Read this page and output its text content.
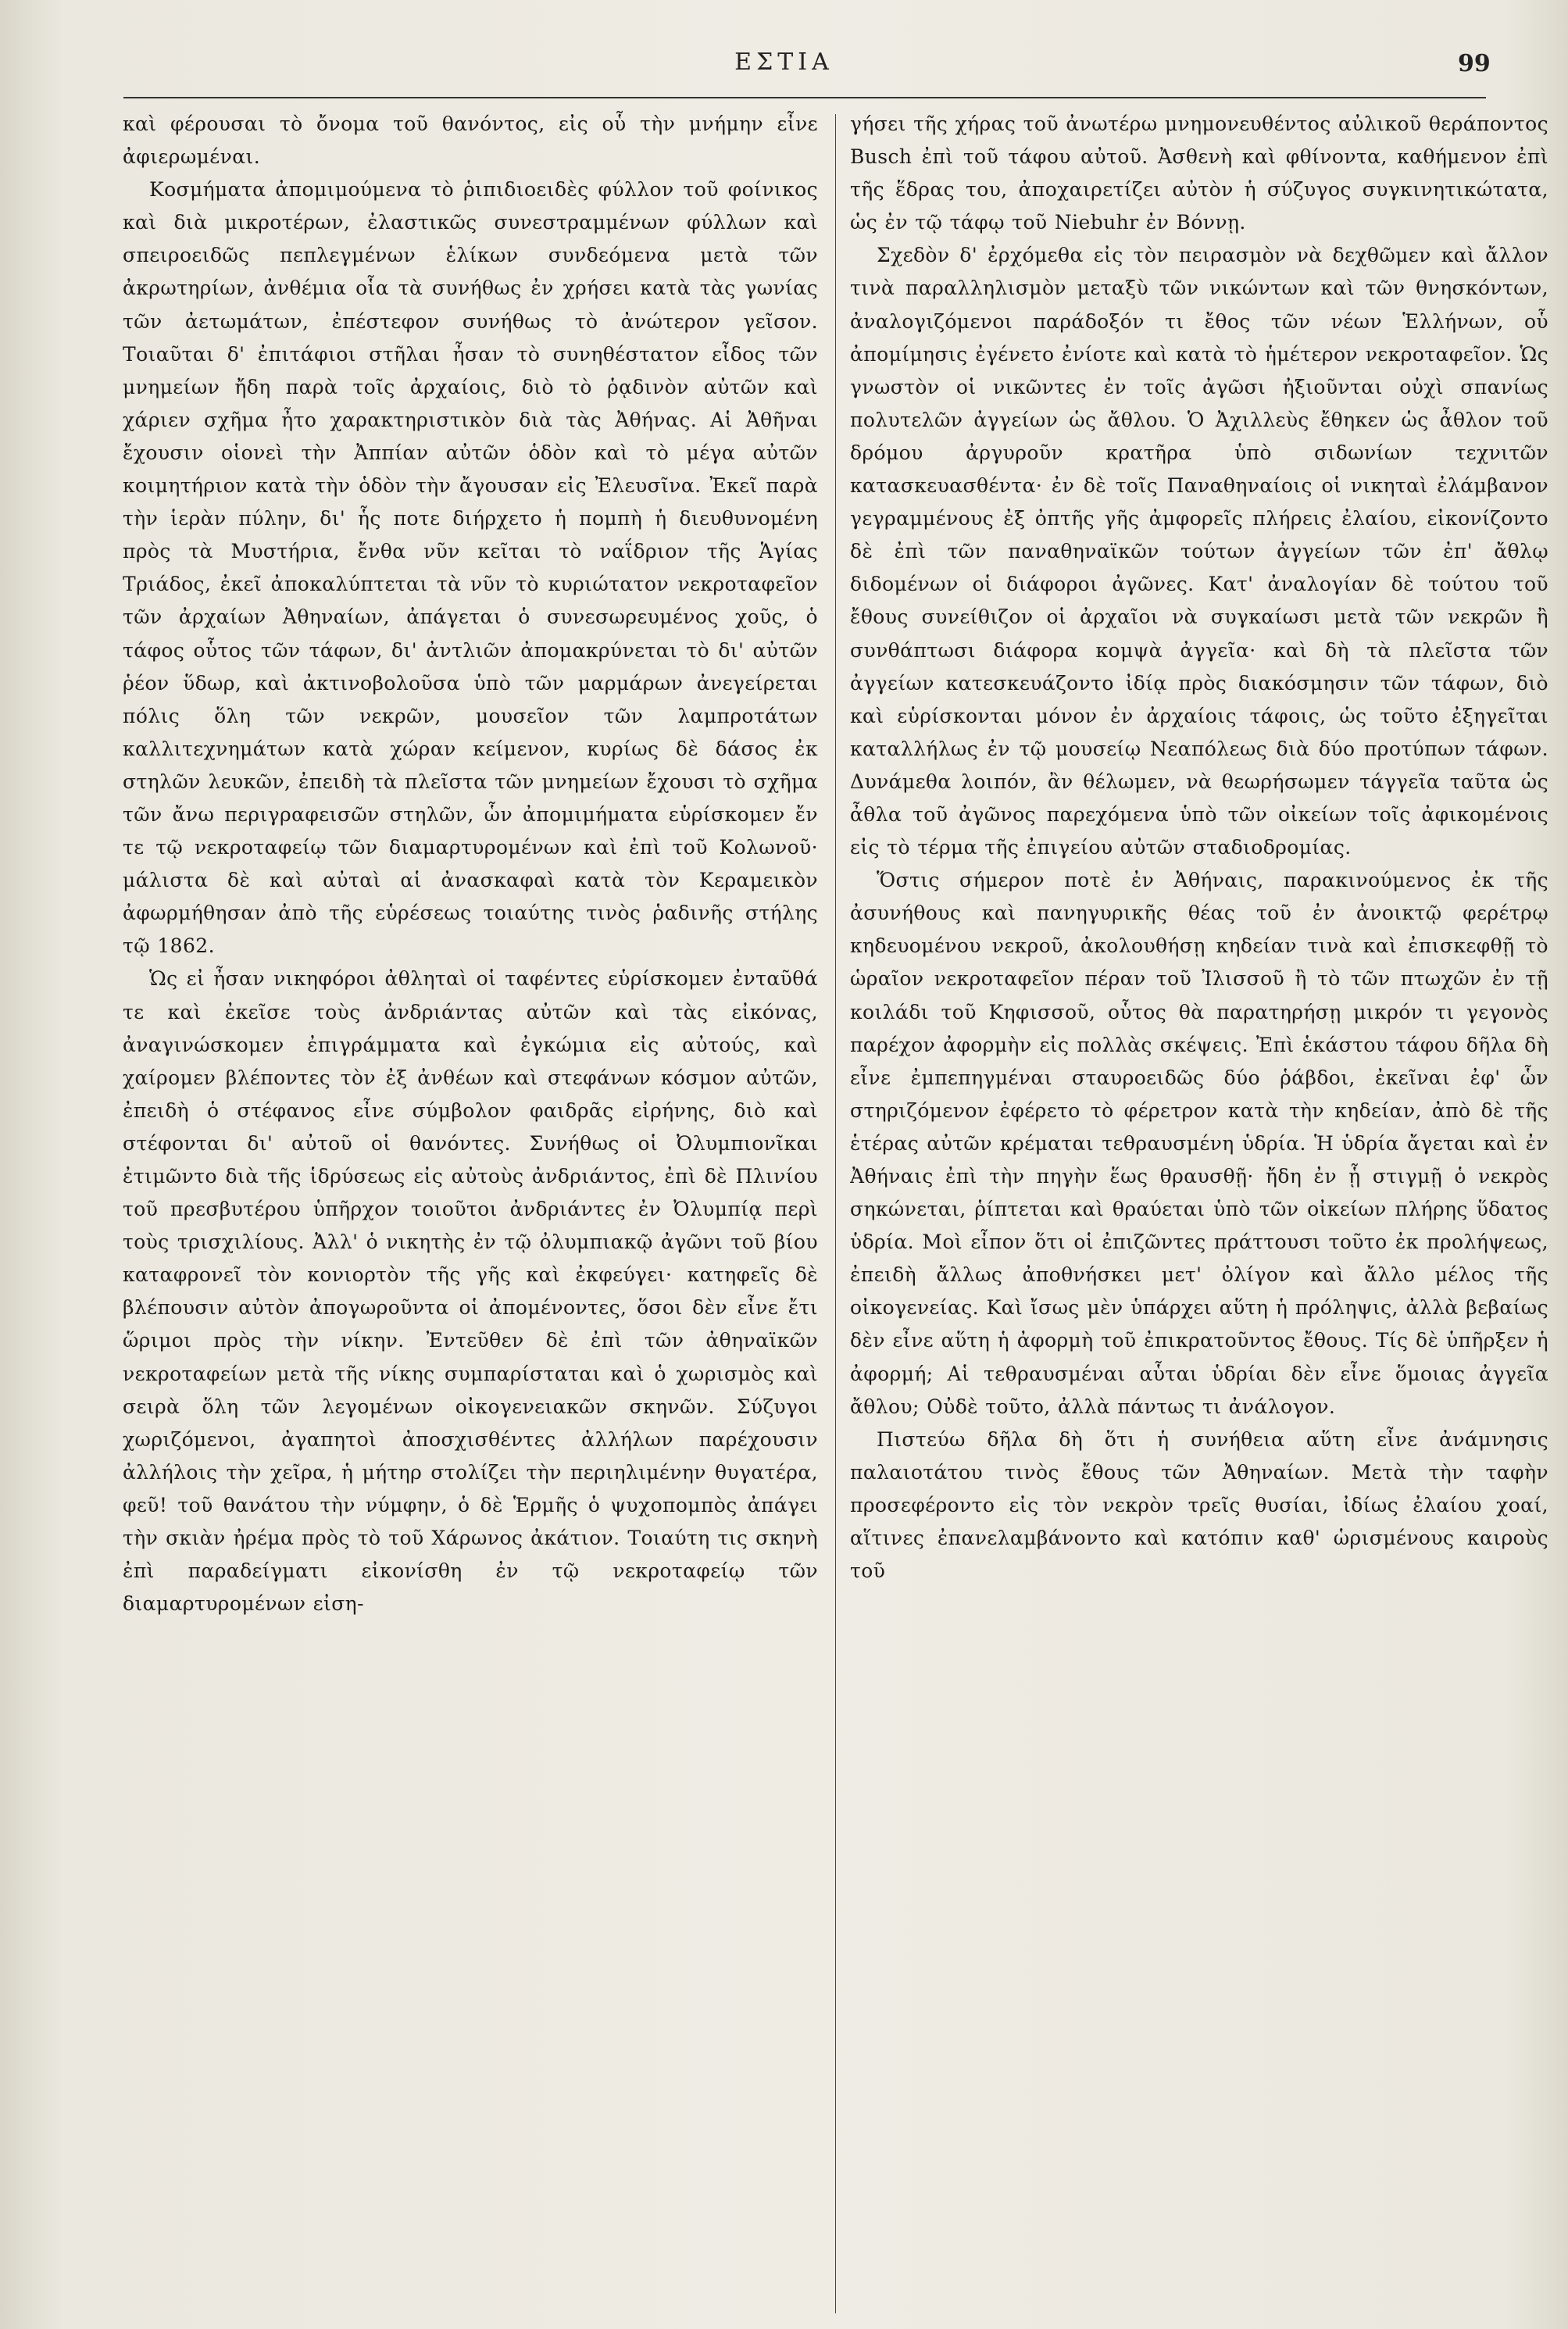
ΕΣΤΙΑ	99

καὶ φέρουσαι τὸ ὄνομα τοῦ θανόντος, εἰς οὗ τὴν μνήμην εἶνε ἀφιερωμέναι.

Κοσμήματα ἀπομιμούμενα τὸ ῥιπιδιοειδὲς φύλλον τοῦ φοίνικος καὶ διὰ μικροτέρων, ἐλαστικῶς συνεστραμμένων φύλλων καὶ σπειροειδῶς πεπλεγμένων ἑλίκων συνδεόμενα μετὰ τῶν ἀκρωτηρίων, ἀνθέμια οἷα τὰ συνήθως ἐν χρήσει κατὰ τὰς γωνίας τῶν ἀετωμάτων, ἐπέστεφον συνήθως τὸ ἀνώτερον γεῖσον. Τοιαῦται δ' ἐπιτάφιοι στῆλαι ἦσαν τὸ συνηθέστατον εἶδος τῶν μνημείων ἤδη παρὰ τοῖς ἀρχαίοις, διὸ τὸ ῥᾳδινὸν αὐτῶν καὶ χάριεν σχῆμα ἦτο χαρακτηριστικὸν διὰ τὰς Ἀθήνας. Αἱ Ἀθῆναι ἔχουσιν οἱονεὶ τὴν Ἀππίαν αὐτῶν ὁδὸν καὶ τὸ μέγα αὐτῶν κοιμητήριον κατὰ τὴν ὁδὸν τὴν ἄγουσαν εἰς Ἐλευσῖνα. Ἐκεῖ παρὰ τὴν ἱερὰν πύλην, δι' ἧς ποτε διήρχετο ἡ πομπὴ ἡ διευθυνομένη πρὸς τὰ Μυστήρια, ἔνθα νῦν κεῖται τὸ ναΐδριον τῆς Ἁγίας Τριάδος, ἐκεῖ ἀποκαλύπτεται τὰ νῦν τὸ κυριώτατον νεκροταφεῖον τῶν ἀρχαίων Ἀθηναίων, ἀπάγεται ὁ συνεσωρευμένος χοῦς, ὁ τάφος οὗτος τῶν τάφων, δι' ἀντλιῶν ἀπομακρύνεται τὸ δι' αὐτῶν ῥέον ὕδωρ, καὶ ἀκτινοβολοῦσα ὑπὸ τῶν μαρμάρων ἀνεγείρεται πόλις ὅλη τῶν νεκρῶν, μουσεῖον τῶν λαμπροτάτων καλλιτεχνημάτων κατὰ χώραν κείμενον, κυρίως δὲ δάσος ἐκ στηλῶν λευκῶν, ἐπειδὴ τὰ πλεῖστα τῶν μνημείων ἔχουσι τὸ σχῆμα τῶν ἄνω περιγραφεισῶν στηλῶν, ὧν ἀπομιμήματα εὑρίσκομεν ἔν τε τῷ νεκροταφείῳ τῶν διαμαρτυρομένων καὶ ἐπὶ τοῦ Κολωνοῦ· μάλιστα δὲ καὶ αὐταὶ αἱ ἀνασκαφαὶ κατὰ τὸν Κεραμεικὸν ἀφωρμήθησαν ἀπὸ τῆς εὑρέσεως τοιαύτης τινὸς ῥαδινῆς στήλης τῷ 1862.

Ὡς εἰ ἦσαν νικηφόροι ἀθληταὶ οἱ ταφέντες εὑρίσκομεν ἐνταῦθά τε καὶ ἐκεῖσε τοὺς ἀνδριάντας αὐτῶν καὶ τὰς εἰκόνας, ἀναγινώσκομεν ἐπιγράμματα καὶ ἐγκώμια εἰς αὐτούς, καὶ χαίρομεν βλέποντες τὸν ἐξ ἀνθέων καὶ στεφάνων κόσμον αὐτῶν, ἐπειδὴ ὁ στέφανος εἶνε σύμβολον φαιδρᾶς εἰρήνης, διὸ καὶ στέφονται δι' αὐτοῦ οἱ θανόντες. Συνήθως οἱ Ὀλυμπιονῖκαι ἐτιμῶντο διὰ τῆς ἱδρύσεως εἰς αὐτοὺς ἀνδριάντος, ἐπὶ δὲ Πλινίου τοῦ πρεσβυτέρου ὑπῆρχον τοιοῦτοι ἀνδριάντες ἐν Ὀλυμπίᾳ περὶ τοὺς τρισχιλίους. Ἀλλ' ὁ νικητὴς ἐν τῷ ὀλυμπιακῷ ἀγῶνι τοῦ βίου καταφρονεῖ τὸν κονιορτὸν τῆς γῆς καὶ ἐκφεύγει· κατηφεῖς δὲ βλέπουσιν αὐτὸν ἀπογωροῦντα οἱ ἀπομένοντες, ὅσοι δὲν εἶνε ἔτι ὥριμοι πρὸς τὴν νίκην. Ἐντεῦθεν δὲ ἐπὶ τῶν ἀθηναϊκῶν νεκροταφείων μετὰ τῆς νίκης συμπαρίσταται καὶ ὁ χωρισμὸς καὶ σειρὰ ὅλη τῶν λεγομένων οἰκογενειακῶν σκηνῶν. Σύζυγοι χωριζόμενοι, ἀγαπητοὶ ἀποσχισθέντες ἀλλήλων παρέχουσιν ἀλλήλοις τὴν χεῖρα, ἡ μήτηρ στολίζει τὴν περιηλιμένην θυγατέρα, φεῦ! τοῦ θανάτου τὴν νύμφην, ὁ δὲ Ἑρμῆς ὁ ψυχοπομπὸς ἀπάγει τὴν σκιὰν ἠρέμα πρὸς τὸ τοῦ Χάρωνος ἀκάτιον. Τοιαύτη τις σκηνὴ ἐπὶ παραδείγματι εἰκονίσθη ἐν τῷ νεκροταφείῳ τῶν διαμαρτυρομένων εἰση-

γήσει τῆς χήρας τοῦ ἀνωτέρω μνημονευθέντος αὐλικοῦ θεράποντος Busch ἐπὶ τοῦ τάφου αὐτοῦ. Ἀσθενὴ καὶ φθίνοντα, καθήμενον ἐπὶ τῆς ἕδρας του, ἀποχαιρετίζει αὐτὸν ἡ σύζυγος συγκινητικώτατα, ὡς ἐν τῷ τάφῳ τοῦ Niebuhr ἐν Βόννῃ.

Σχεδὸν δ' ἐρχόμεθα εἰς τὸν πειρασμὸν νὰ δεχθῶμεν καὶ ἄλλον τινὰ παραλληλισμὸν μεταξὺ τῶν νικώντων καὶ τῶν θνησκόντων, ἀναλογιζόμενοι παράδοξόν τι ἔθος τῶν νέων Ἑλλήνων, οὗ ἀπομίμησις ἐγένετο ἐνίοτε καὶ κατὰ τὸ ἡμέτερον νεκροταφεῖον. Ὡς γνωστὸν οἱ νικῶντες ἐν τοῖς ἀγῶσι ἠξιοῦνται οὐχὶ σπανίως πολυτελῶν ἀγγείων ὡς ἄθλου. Ὁ Ἀχιλλεὺς ἔθηκεν ὡς ἆθλον τοῦ δρόμου ἀργυροῦν κρατῆρα ὑπὸ σιδωνίων τεχνιτῶν κατασκευασθέντα· ἐν δὲ τοῖς Παναθηναίοις οἱ νικηταὶ ἐλάμβανον γεγραμμένους ἐξ ὀπτῆς γῆς ἀμφορεῖς πλήρεις ἐλαίου, εἰκονίζοντο δὲ ἐπὶ τῶν παναθηναϊκῶν τούτων ἀγγείων τῶν ἐπ' ἄθλῳ διδομένων οἱ διάφοροι ἀγῶνες. Κατ' ἀναλογίαν δὲ τούτου τοῦ ἔθους συνείθιζον οἱ ἀρχαῖοι νὰ συγκαίωσι μετὰ τῶν νεκρῶν ἢ συνθάπτωσι διάφορα κομψὰ ἀγγεῖα· καὶ δὴ τὰ πλεῖστα τῶν ἀγγείων κατεσκευάζοντο ἰδίᾳ πρὸς διακόσμησιν τῶν τάφων, διὸ καὶ εὑρίσκονται μόνον ἐν ἀρχαίοις τάφοις, ὡς τοῦτο ἐξηγεῖται καταλλήλως ἐν τῷ μουσείῳ Νεαπόλεως διὰ δύο προτύπων τάφων. Δυνάμεθα λοιπόν, ἂν θέλωμεν, νὰ θεωρήσωμεν τάγγεῖα ταῦτα ὡς ἆθλα τοῦ ἀγῶνος παρεχόμενα ὑπὸ τῶν οἰκείων τοῖς ἀφικομένοις εἰς τὸ τέρμα τῆς ἐπιγείου αὐτῶν σταδιοδρομίας.

Ὅστις σήμερον ποτὲ ἐν Ἀθήναις, παρακινούμενος ἐκ τῆς ἀσυνήθους καὶ πανηγυρικῆς θέας τοῦ ἐν ἀνοικτῷ φερέτρῳ κηδευομένου νεκροῦ, ἀκολουθήσῃ κηδείαν τινὰ καὶ ἐπισκεφθῇ τὸ ὡραῖον νεκροταφεῖον πέραν τοῦ Ἰλισσοῦ ἢ τὸ τῶν πτωχῶν ἐν τῇ κοιλάδι τοῦ Κηφισσοῦ, οὗτος θὰ παρατηρήσῃ μικρόν τι γεγονὸς παρέχον ἀφορμὴν εἰς πολλὰς σκέψεις. Ἐπὶ ἑκάστου τάφου δῆλα δὴ εἶνε ἐμπεπηγμέναι σταυροειδῶς δύο ῥάβδοι, ἐκεῖναι ἐφ' ὧν στηριζόμενον ἐφέρετο τὸ φέρετρον κατὰ τὴν κηδείαν, ἀπὸ δὲ τῆς ἑτέρας αὐτῶν κρέμαται τεθραυσμένη ὑδρία. Ἡ ὑδρία ἄγεται καὶ ἐν Ἀθήναις ἐπὶ τὴν πηγὴν ἕως θραυσθῇ· ἤδη ἐν ᾗ στιγμῇ ὁ νεκρὸς σηκώνεται, ῥίπτεται καὶ θραύεται ὑπὸ τῶν οἰκείων πλήρης ὕδατος ὑδρία. Μοὶ εἶπον ὅτι οἱ ἐπιζῶντες πράττουσι τοῦτο ἐκ προλήψεως, ἐπειδὴ ἄλλως ἀποθνήσκει μετ' ὀλίγον καὶ ἄλλο μέλος τῆς οἰκογενείας. Καὶ ἴσως μὲν ὑπάρχει αὕτη ἡ πρόληψις, ἀλλὰ βεβαίως δὲν εἶνε αὕτη ἡ ἀφορμὴ τοῦ ἐπικρατοῦντος ἔθους. Τίς δὲ ὑπῆρξεν ἡ ἀφορμή; Αἱ τεθραυσμέναι αὗται ὑδρίαι δὲν εἶνε ὅμοιας ἀγγεῖα ἄθλου; Οὐδὲ τοῦτο, ἀλλὰ πάντως τι ἀνάλογον.

Πιστεύω δῆλα δὴ ὅτι ἡ συνήθεια αὕτη εἶνε ἀνάμνησις παλαιοτάτου τινὸς ἔθους τῶν Ἀθηναίων. Μετὰ τὴν ταφὴν προσεφέροντο εἰς τὸν νεκρὸν τρεῖς θυσίαι, ἰδίως ἐλαίου χοαί, αἵτινες ἐπανελαμβάνοντο καὶ κατόπιν καθ' ὡρισμένους καιροὺς τοῦ
